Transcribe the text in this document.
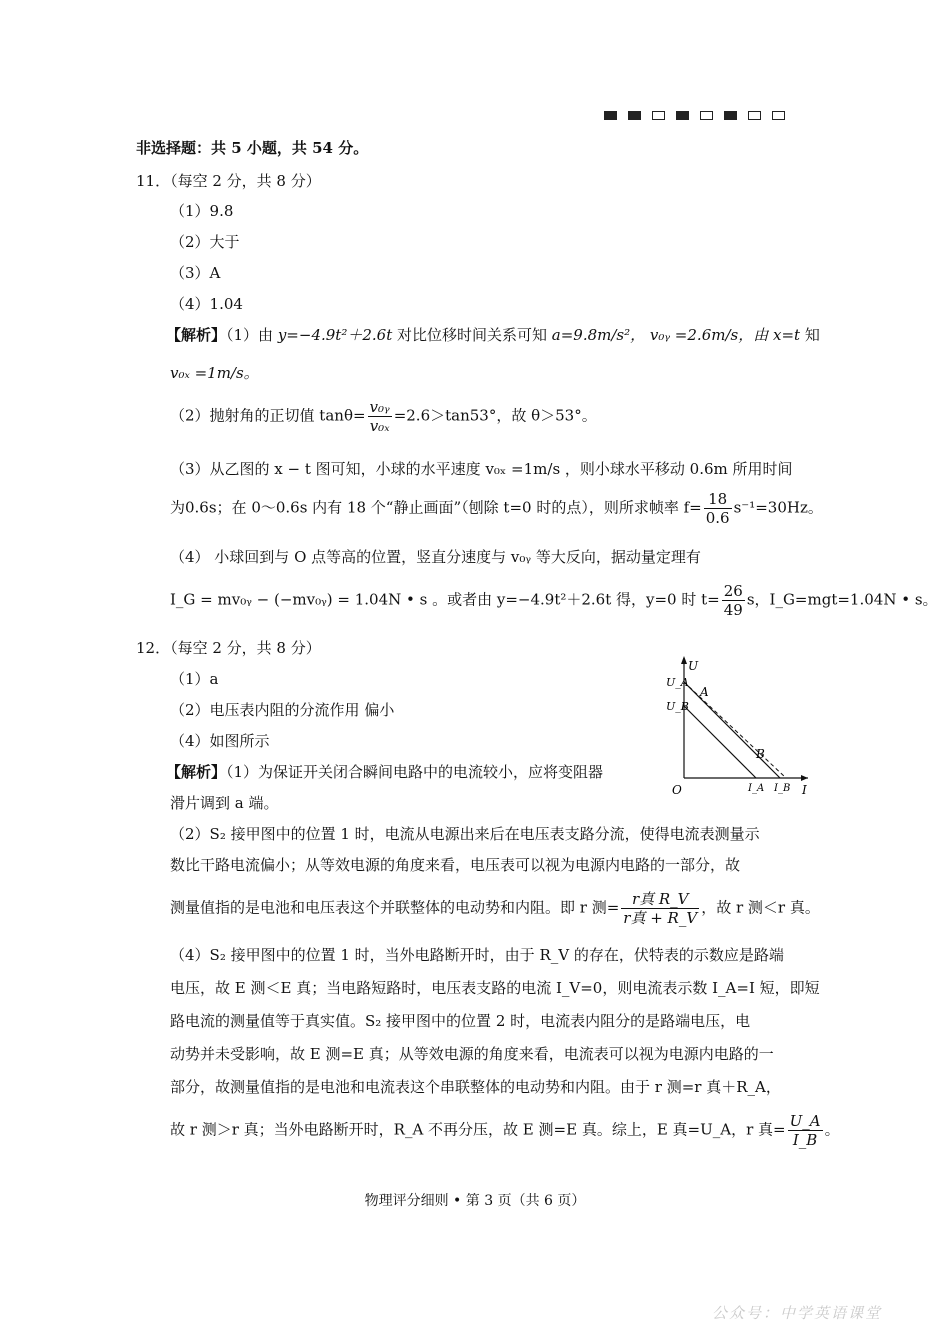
非选择题：共 5 小题，共 54 分。
11．（每空 2 分，共 8 分）
（1）9.8
（2）大于
（3）A
（4）1.04
【解析】（1）由 y=−4.9t²＋2.6t 对比位移时间关系可知 a=9.8m/s²， v₀ᵧ =2.6m/s，由 x=t 知
v₀ₓ =1m/s。
（2）抛射角的正切值 $\tan\theta= \frac{\text{v₀ᵧ}}{\text{v₀ₓ}} =2.6>\tan 53^\circ$，故 θ＞53°。
（3）从乙图的 x − t 图可知，小球的水平速度 v₀ₓ =1m/s ，则小球水平移动 0.6m 所用时间
为0.6s；在 0～0.6s 内有 18 个“静止画面”（刨除 t=0 时的点），则所求帧率 $f= \frac{18}{0.6} s^{-1}=30Hz$。
（4） 小球回到与 O 点等高的位置，竖直分速度与 v₀ᵧ 等大反向，据动量定理有
I_G = mv₀ᵧ − (−mv₀ᵧ) = 1.04N • s 。或者由 y=−4.9t²＋2.6t 得，y=0 时 $t= \frac{26}{49}$ s，I_G=mgt=1.04N • s。
12．（每空 2 分，共 8 分）
（1）a
（2）电压表内阻的分流作用 偏小
（4）如图所示
【解析】（1）为保证开关闭合瞬间电路中的电流较小，应将变阻器
滑片调到 a 端。
U
I
O
U_A
U_B
I_A I_B
A
B
（2）S₂ 接甲图中的位置 1 时，电流从电源出来后在电压表支路分流，使得电流表测量示
数比干路电流偏小；从等效电源的角度来看，电压表可以视为电源内电路的一部分，故
测量值指的是电池和电压表这个并联整体的电动势和内阻。即 r 测= $\frac{\text{r真 R\_V}}{\text{r真 + R\_V}}$ ，故 r 测＜r 真。
（4）S₂ 接甲图中的位置 1 时，当外电路断开时，由于 R_V 的存在，伏特表的示数应是路端
电压，故 E 测＜E 真；当电路短路时，电压表支路的电流 I_V=0，则电流表示数 I_A=I 短，即短
路电流的测量值等于真实值。S₂ 接甲图中的位置 2 时，电流表内阻分的是路端电压，电
动势并未受影响，故 E 测=E 真；从等效电源的角度来看，电流表可以视为电源内电路的一
部分，故测量值指的是电池和电流表这个串联整体的电动势和内阻。由于 r 测=r 真＋R_A，
故 r 测＞r 真；当外电路断开时，R_A 不再分压，故 E 测=E 真。综上，E 真=U_A，r 真= $\frac{U\_A}{I\_B}$ 。
物理评分细则 • 第 3 页（共 6 页）
公众号：中学英语课堂
